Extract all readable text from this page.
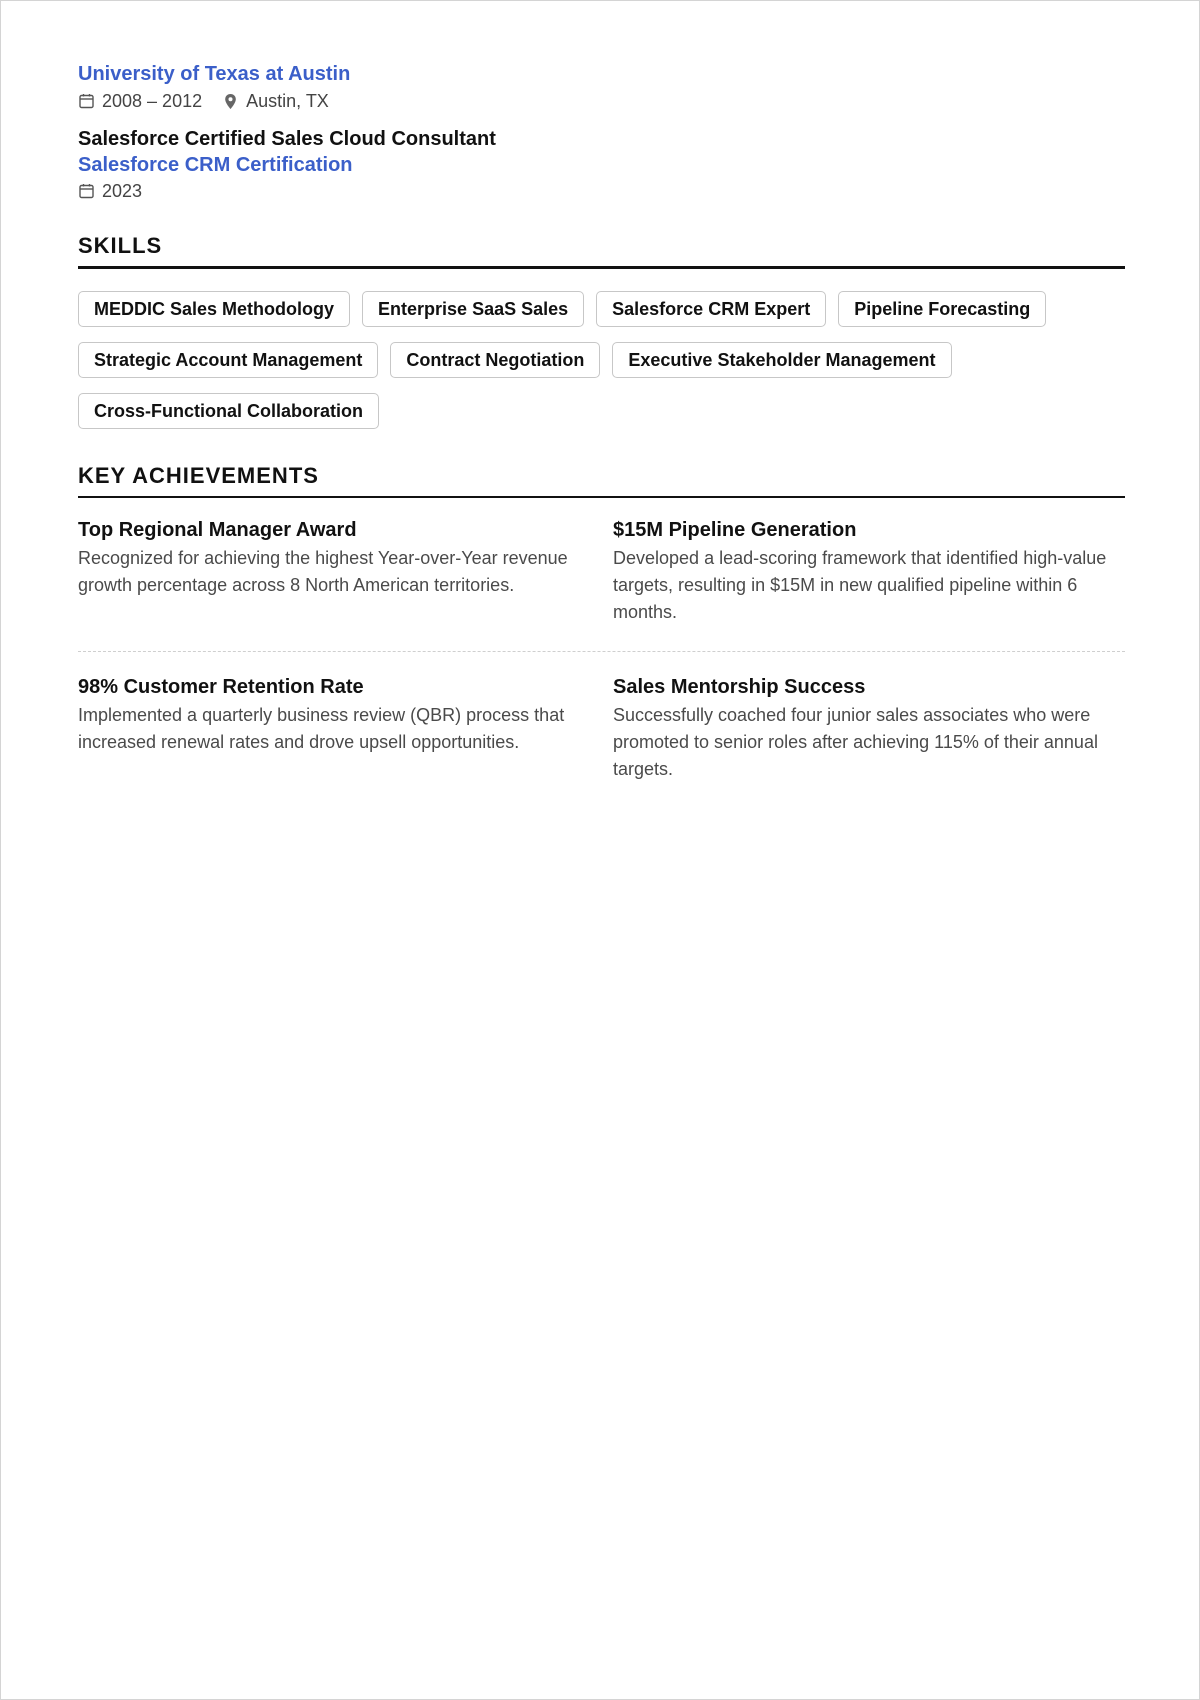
University of Texas at Austin
2008 – 2012 Austin, TX
Salesforce Certified Sales Cloud Consultant
Salesforce CRM Certification
2023
SKILLS
MEDDIC Sales Methodology	Enterprise SaaS Sales	Salesforce CRM Expert	Pipeline Forecasting
Strategic Account Management	Contract Negotiation	Executive Stakeholder Management
Cross-Functional Collaboration
KEY ACHIEVEMENTS
Top Regional Manager Award
Recognized for achieving the highest Year-over-Year revenue growth percentage across 8 North American territories.
$15M Pipeline Generation
Developed a lead-scoring framework that identified high-value targets, resulting in $15M in new qualified pipeline within 6 months.
98% Customer Retention Rate
Implemented a quarterly business review (QBR) process that increased renewal rates and drove upsell opportunities.
Sales Mentorship Success
Successfully coached four junior sales associates who were promoted to senior roles after achieving 115% of their annual targets.
